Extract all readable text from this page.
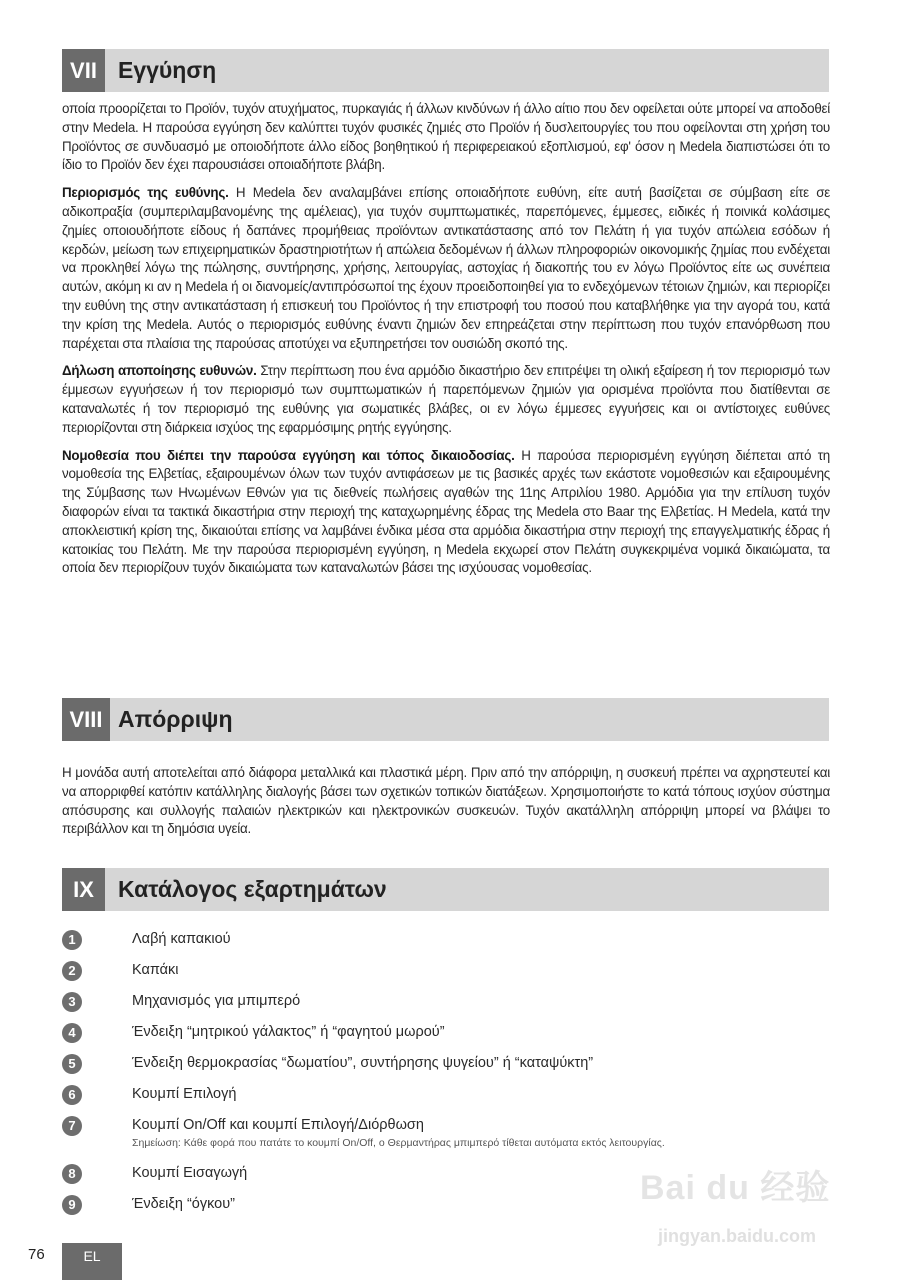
VII Εγγύηση

οποία προορίζεται το Προϊόν, τυχόν ατυχήματος, πυρκαγιάς ή άλλων κινδύνων ή άλλο αίτιο που δεν οφείλεται ούτε μπορεί να αποδοθεί στην Medela. Η παρούσα εγγύηση δεν καλύπτει τυχόν φυσικές ζημιές στο Προϊόν ή δυσλειτουργίες του που οφείλονται στη χρήση του Προϊόντος σε συνδυασμό με οποιοδήποτε άλλο είδος βοηθητικού ή περιφερειακού εξοπλισμού, εφ' όσον η Medela διαπιστώσει ότι το ίδιο το Προϊόν δεν έχει παρουσιάσει οποιαδήποτε βλάβη.

Περιορισμός της ευθύνης. Η Medela δεν αναλαμβάνει επίσης οποιαδήποτε ευθύνη, είτε αυτή βασίζεται σε σύμβαση είτε σε αδικοπραξία (συμπεριλαμβανομένης της αμέλειας), για τυχόν συμπτωματικές, παρεπόμενες, έμμεσες, ειδικές ή ποινικά κολάσιμες ζημίες οποιουδήποτε είδους ή δαπάνες προμήθειας προϊόντων αντικατάστασης από τον Πελάτη ή για τυχόν απώλεια εσόδων ή κερδών, μείωση των επιχειρηματικών δραστηριοτήτων ή απώλεια δεδομένων ή άλλων πληροφοριών οικονομικής ζημίας που ενδέχεται να προκληθεί λόγω της πώλησης, συντήρησης, χρήσης, λειτουργίας, αστοχίας ή διακοπής του εν λόγω Προϊόντος είτε ως συνέπεια αυτών, ακόμη κι αν η Medela ή οι διανομείς/αντιπρόσωποί της έχουν προειδοποιηθεί για το ενδεχόμενων τέτοιων ζημιών, και περιορίζει την ευθύνη της στην αντικατάσταση ή επισκευή του Προϊόντος ή την επιστροφή του ποσού που καταβλήθηκε για την αγορά του, κατά την κρίση της Medela. Αυτός ο περιορισμός ευθύνης έναντι ζημιών δεν επηρεάζεται στην περίπτωση που τυχόν επανόρθωση που παρέχεται στα πλαίσια της παρούσας αποτύχει να εξυπηρετήσει τον ουσιώδη σκοπό της.

Δήλωση αποποίησης ευθυνών. Στην περίπτωση που ένα αρμόδιο δικαστήριο δεν επιτρέψει τη ολική εξαίρεση ή τον περιορισμό των έμμεσων εγγυήσεων ή τον περιορισμό των συμπτωματικών ή παρεπόμενων ζημιών για ορισμένα προϊόντα που διατίθενται σε καταναλωτές ή τον περιορισμό της ευθύνης για σωματικές βλάβες, οι εν λόγω έμμεσες εγγυήσεις και οι αντίστοιχες ευθύνες περιορίζονται στη διάρκεια ισχύος της εφαρμόσιμης ρητής εγγύησης.

Νομοθεσία που διέπει την παρούσα εγγύηση και τόπος δικαιοδοσίας. Η παρούσα περιορισμένη εγγύηση διέπεται από τη νομοθεσία της Ελβετίας, εξαιρουμένων όλων των τυχόν αντιφάσεων με τις βασικές αρχές των εκάστοτε νομοθεσιών και εξαιρουμένης της Σύμβασης των Ηνωμένων Εθνών για τις διεθνείς πωλήσεις αγαθών της 11ης Απριλίου 1980. Αρμόδια για την επίλυση τυχόν διαφορών είναι τα τακτικά δικαστήρια στην περιοχή της καταχωρημένης έδρας της Medela στο Baar της Ελβετίας. Η Medela, κατά την αποκλειστική κρίση της, δικαιούται επίσης να λαμβάνει ένδικα μέσα στα αρμόδια δικαστήρια στην περιοχή της επαγγελματικής έδρας ή κατοικίας του Πελάτη. Με την παρούσα περιορισμένη εγγύηση, η Medela εκχωρεί στον Πελάτη συγκεκριμένα νομικά δικαιώματα, τα οποία δεν περιορίζουν τυχόν δικαιώματα των καταναλωτών βάσει της ισχύουσας νομοθεσίας.

VIII Απόρριψη

Η μονάδα αυτή αποτελείται από διάφορα μεταλλικά και πλαστικά μέρη. Πριν από την απόρριψη, η συσκευή πρέπει να αχρηστευτεί και να απορριφθεί κατόπιν κατάλληλης διαλογής βάσει των σχετικών τοπικών διατάξεων. Χρησιμοποιήστε το κατά τόπους ισχύον σύστημα απόσυρσης και συλλογής παλαιών ηλεκτρικών και ηλεκτρονικών συσκευών. Τυχόν ακατάλληλη απόρριψη μπορεί να βλάψει το περιβάλλον και τη δημόσια υγεία.

IX	Κατάλογος εξαρτημάτων
1	Λαβή καπακιού
2	Καπάκι
3	Μηχανισμός για μπιμπερό
4	Ένδειξη “μητρικού γάλακτος” ή “φαγητού μωρού”
5	Ένδειξη θερμοκρασίας “δωματίου”, συντήρησης ψυγείου” ή “καταψύκτη”
6	Κουμπί Επιλογή
7	Κουμπί On/Off και κουμπί Επιλογή/Διόρθωση
Σημείωση: Κάθε φορά που πατάτε το κουμπί On/Off, ο Θερμαντήρας μπιμπερό τίθεται αυτόματα εκτός λειτουργίας.
8	Κουμπί Εισαγωγή
9	Ένδειξη “όγκου”	Bai du 经验
jingyan.baidu.com
76	EL
